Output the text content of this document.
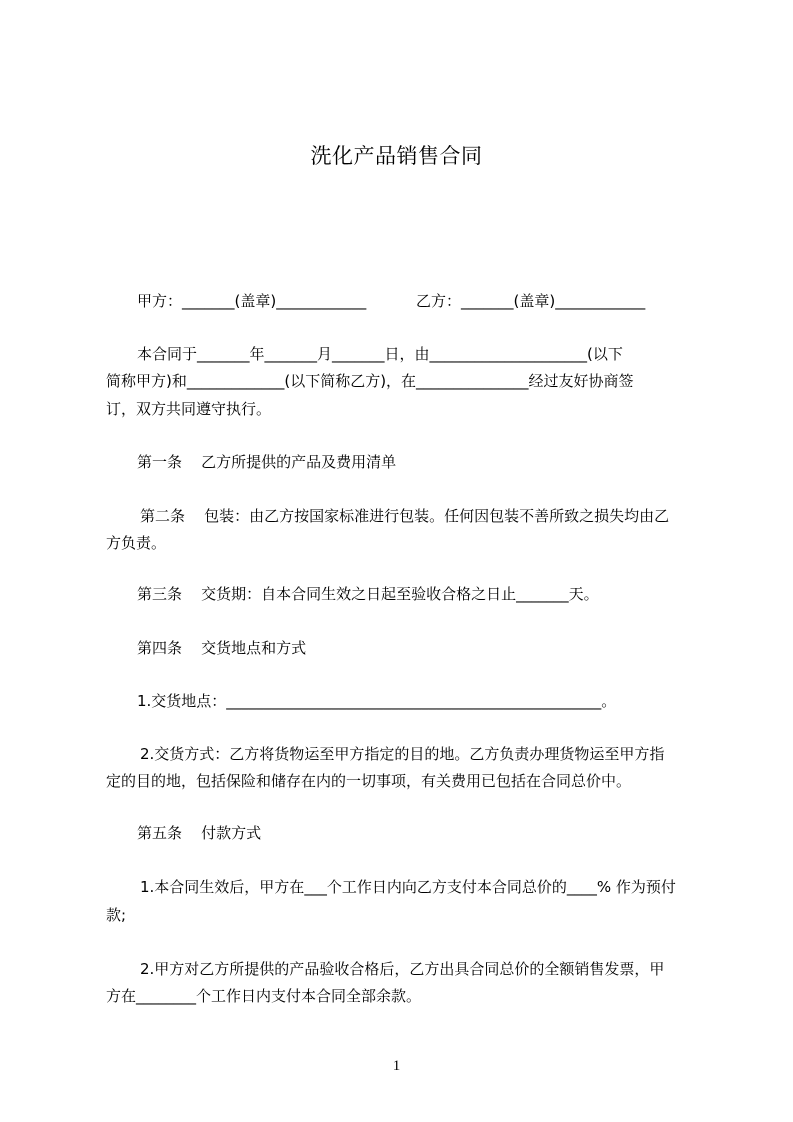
洗化产品销售合同
甲方：_______(盖章)____________	乙方：_______(盖章)____________
本合同于_______年_______月_______日，由_____________________(以下
简称甲方)和_____________(以下简称乙方)，在_______________经过友好协商签
订，双方共同遵守执行。
第一条    乙方所提供的产品及费用清单
第二条    包装：由乙方按国家标准进行包装。任何因包装不善所致之损失均由乙
方负责。
第三条    交货期：自本合同生效之日起至验收合格之日止_______天。
第四条    交货地点和方式
1.交货地点：__________________________________________________。
2.交货方式：乙方将货物运至甲方指定的目的地。乙方负责办理货物运至甲方指
定的目的地，包括保险和储存在内的一切事项，有关费用已包括在合同总价中。
第五条    付款方式
1.本合同生效后，甲方在___个工作日内向乙方支付本合同总价的____% 作为预付
款;
2.甲方对乙方所提供的产品验收合格后，乙方出具合同总价的全额销售发票，甲
方在________个工作日内支付本合同全部余款。
1
